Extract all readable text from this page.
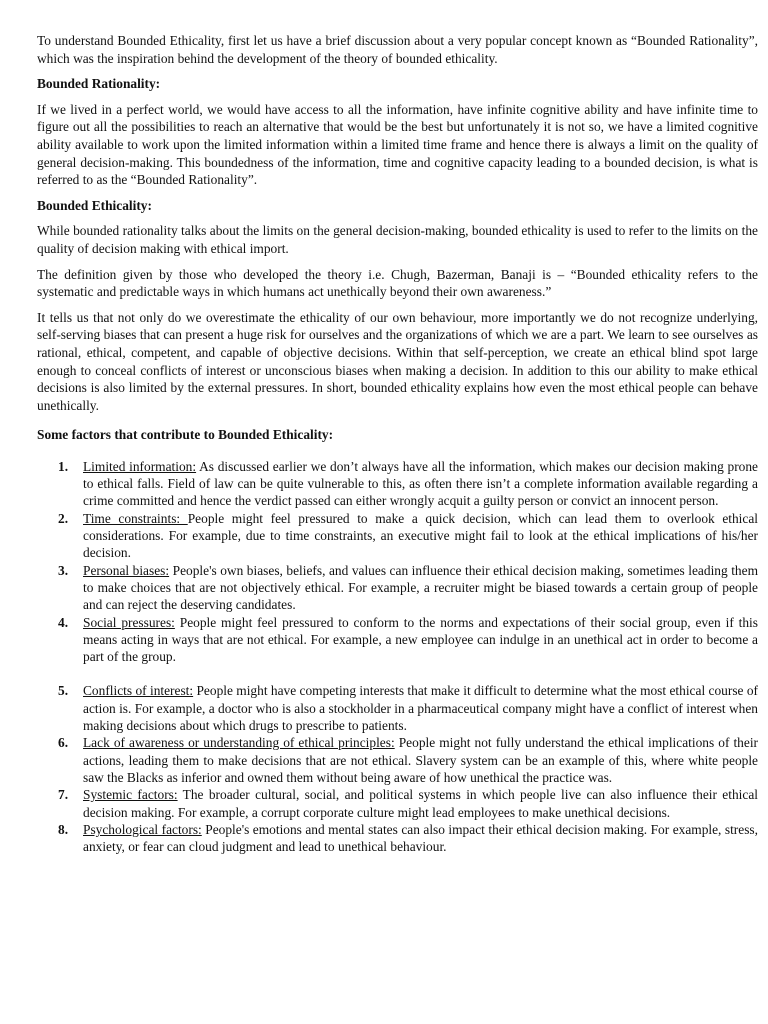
To understand Bounded Ethicality, first let us have a brief discussion about a very popular concept known as “Bounded Rationality”, which was the inspiration behind the development of the theory of bounded ethicality.

Bounded Rationality:

If we lived in a perfect world, we would have access to all the information, have infinite cognitive ability and have infinite time to figure out all the possibilities to reach an alternative that would be the best but unfortunately it is not so, we have a limited cognitive ability available to work upon the limited information within a limited time frame and hence there is always a limit on the quality of general decision-making. This boundedness of the information, time and cognitive capacity leading to a bounded decision, is what is referred to as the “Bounded Rationality”.

Bounded Ethicality:

While bounded rationality talks about the limits on the general decision-making, bounded ethicality is used to refer to the limits on the quality of decision making with ethical import.

The definition given by those who developed the theory i.e. Chugh, Bazerman, Banaji is – “Bounded ethicality refers to the systematic and predictable ways in which humans act unethically beyond their own awareness.”

It tells us that not only do we overestimate the ethicality of our own behaviour, more importantly we do not recognize underlying, self-serving biases that can present a huge risk for ourselves and the organizations of which we are a part. We learn to see ourselves as rational, ethical, competent, and capable of objective decisions. Within that self-perception, we create an ethical blind spot large enough to conceal conflicts of interest or unconscious biases when making a decision. In addition to this our ability to make ethical decisions is also limited by the external pressures. In short, bounded ethicality explains how even the most ethical people can behave unethically.

Some factors that contribute to Bounded Ethicality:
1. Limited information: As discussed earlier we don’t always have all the information, which makes our decision making prone to ethical falls. Field of law can be quite vulnerable to this, as often there isn’t a complete information available regarding a crime committed and hence the verdict passed can either wrongly acquit a guilty person or convict an innocent person.
2. Time constraints: People might feel pressured to make a quick decision, which can lead them to overlook ethical considerations. For example, due to time constraints, an executive might fail to look at the ethical implications of his/her decision.
3. Personal biases: People's own biases, beliefs, and values can influence their ethical decision making, sometimes leading them to make choices that are not objectively ethical. For example, a recruiter might be biased towards a certain group of people and can reject the deserving candidates.
4. Social pressures: People might feel pressured to conform to the norms and expectations of their social group, even if this means acting in ways that are not ethical. For example, a new employee can indulge in an unethical act in order to become a part of the group.
5. Conflicts of interest: People might have competing interests that make it difficult to determine what the most ethical course of action is. For example, a doctor who is also a stockholder in a pharmaceutical company might have a conflict of interest when making decisions about which drugs to prescribe to patients.
6. Lack of awareness or understanding of ethical principles: People might not fully understand the ethical implications of their actions, leading them to make decisions that are not ethical. Slavery system can be an example of this, where white people saw the Blacks as inferior and owned them without being aware of how unethical the practice was.
7. Systemic factors: The broader cultural, social, and political systems in which people live can also influence their ethical decision making. For example, a corrupt corporate culture might lead employees to make unethical decisions.
8. Psychological factors: People's emotions and mental states can also impact their ethical decision making. For example, stress, anxiety, or fear can cloud judgment and lead to unethical behaviour.
